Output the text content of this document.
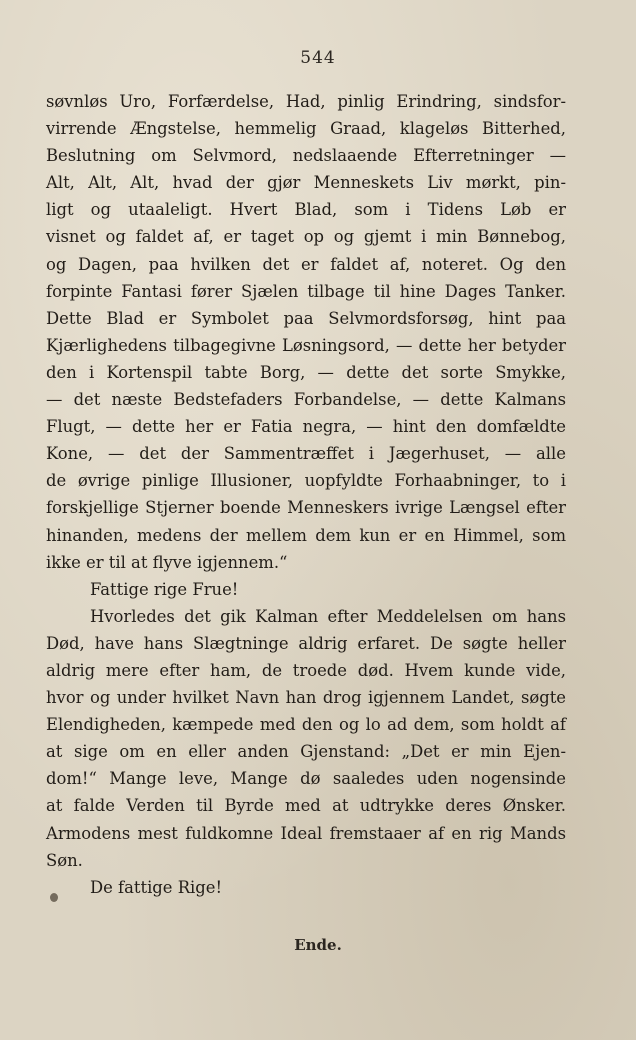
544
søvnløs Uro, Forfærdelse, Had, pinlig Erindring, sindsfor-
virrende Ængstelse, hemmelig Graad, klageløs Bitterhed,
Beslutning om Selvmord, nedslaaende Efterretninger —
Alt, Alt, Alt, hvad der gjør Menneskets Liv mørkt, pin-
ligt og utaaleligt. Hvert Blad, som i Tidens Løb er
visnet og faldet af, er taget op og gjemt i min Bønnebog,
og Dagen, paa hvilken det er faldet af, noteret. Og den
forpinte Fantasi fører Sjælen tilbage til hine Dages Tanker.
Dette Blad er Symbolet paa Selvmordsforsøg, hint paa
Kjærlighedens tilbagegivne Løsningsord, — dette her betyder
den i Kortenspil tabte Borg, — dette det sorte Smykke,
— det næste Bedstefaders Forbandelse, — dette Kalmans
Flugt, — dette her er Fatia negra, — hint den domfældte
Kone, — det der Sammentræffet i Jægerhuset, — alle
de øvrige pinlige Illusioner, uopfyldte Forhaabninger, to i
forskjellige Stjerner boende Menneskers ivrige Længsel efter
hinanden, medens der mellem dem kun er en Himmel, som
ikke er til at flyve igjennem.“
Fattige rige Frue!
Hvorledes det gik Kalman efter Meddelelsen om hans
Død, have hans Slægtninge aldrig erfaret. De søgte heller
aldrig mere efter ham, de troede død. Hvem kunde vide,
hvor og under hvilket Navn han drog igjennem Landet, søgte
Elendigheden, kæmpede med den og lo ad dem, som holdt af
at sige om en eller anden Gjenstand: „Det er min Ejen-
dom!“ Mange leve, Mange dø saaledes uden nogensinde
at falde Verden til Byrde med at udtrykke deres Ønsker.
Armodens mest fuldkomne Ideal fremstaaer af en rig Mands
Søn.
De fattige Rige!
Ende.
